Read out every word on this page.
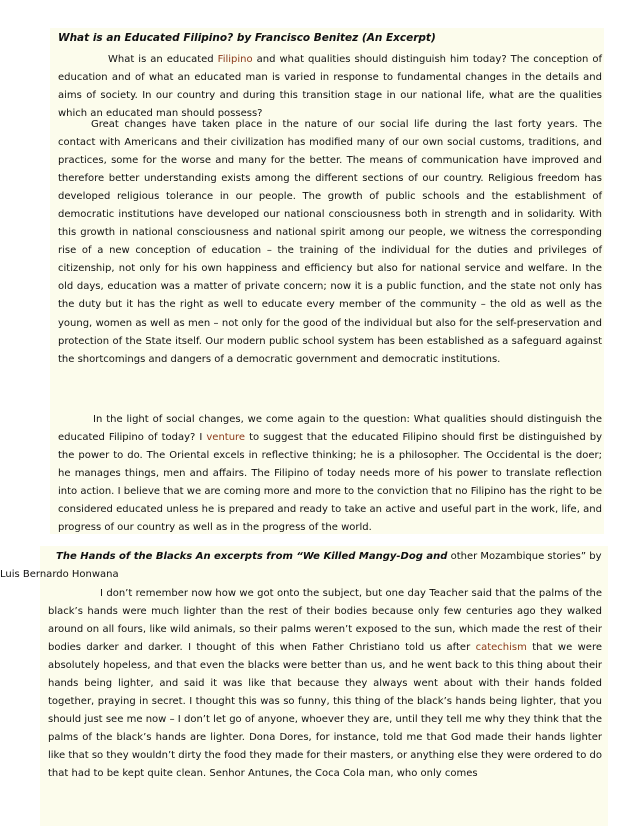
What is an Educated Filipino? by Francisco Benitez (An Excerpt)

What is an educated Filipino and what qualities should distinguish him today? The conception of education and of what an educated man is varied in response to fundamental changes in the details and aims of society. In our country and during this transition stage in our national life, what are the qualities which an educated man should possess?

Great changes have taken place in the nature of our social life during the last forty years. The contact with Americans and their civilization has modified many of our own social customs, traditions, and practices, some for the worse and many for the better. The means of communication have improved and therefore better understanding exists among the different sections of our country. Religious freedom has developed religious tolerance in our people. The growth of public schools and the establishment of democratic institutions have developed our national consciousness both in strength and in solidarity. With this growth in national consciousness and national spirit among our people, we witness the corresponding rise of a new conception of education – the training of the individual for the duties and privileges of citizenship, not only for his own happiness and efficiency but also for national service and welfare. In the old days, education was a matter of private concern; now it is a public function, and the state not only has the duty but it has the right as well to educate every member of the community – the old as well as the young, women as well as men – not only for the good of the individual but also for the self-preservation and protection of the State itself. Our modern public school system has been established as a safeguard against the shortcomings and dangers of a democratic government and democratic institutions.

In the light of social changes, we come again to the question: What qualities should distinguish the educated Filipino of today? I venture to suggest that the educated Filipino should first be distinguished by the power to do. The Oriental excels in reflective thinking; he is a philosopher. The Occidental is the doer; he manages things, men and affairs. The Filipino of today needs more of his power to translate reflection into action. I believe that we are coming more and more to the conviction that no Filipino has the right to be considered educated unless he is prepared and ready to take an active and useful part in the work, life, and progress of our country as well as in the progress of the world.

The Hands of the Blacks An excerpts from “We Killed Mangy-Dog and other Mozambique stories” by Luis Bernardo Honwana

I don’t remember now how we got onto the subject, but one day Teacher said that the palms of the black’s hands were much lighter than the rest of their bodies because only few centuries ago they walked around on all fours, like wild animals, so their palms weren’t exposed to the sun, which made the rest of their bodies darker and darker. I thought of this when Father Christiano told us after catechism that we were absolutely hopeless, and that even the blacks were better than us, and he went back to this thing about their hands being lighter, and said it was like that because they always went about with their hands folded together, praying in secret. I thought this was so funny, this thing of the black’s hands being lighter, that you should just see me now – I don’t let go of anyone, whoever they are, until they tell me why they think that the palms of the black’s hands are lighter. Dona Dores, for instance, told me that God made their hands lighter like that so they wouldn’t dirty the food they made for their masters, or anything else they were ordered to do that had to be kept quite clean. Senhor Antunes, the Coca Cola man, who only comes
